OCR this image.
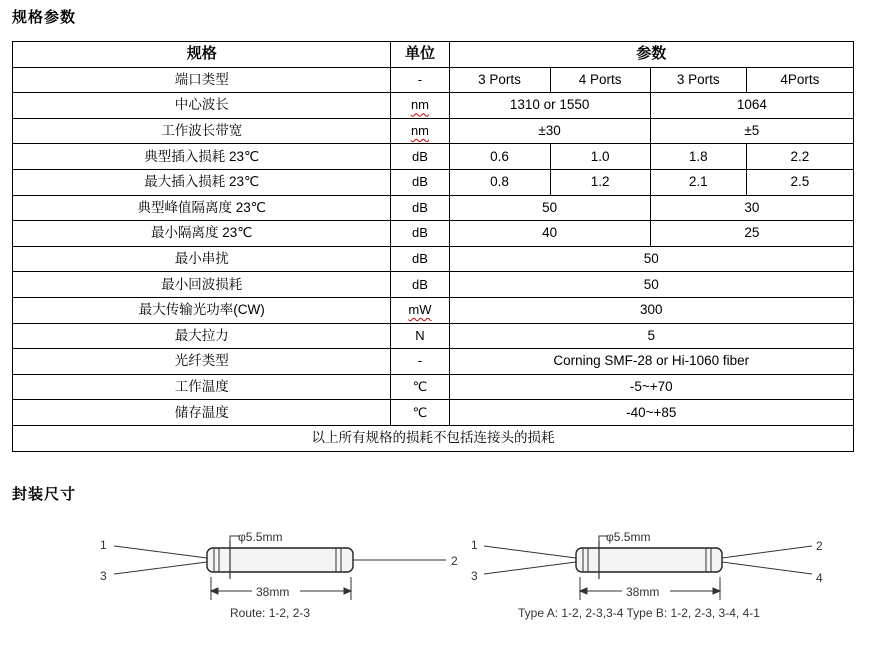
规格参数
规格	单位	参数			
端口类型	-	3 Ports	4 Ports	3 Ports	4Ports
中心波长	nm	1310 or 1550		1064	
工作波长带宽	nm	±30		±5	
典型插入损耗 23℃	dB	0.6	1.0	1.8	2.2
最大插入损耗 23℃	dB	0.8	1.2	2.1	2.5
典型峰值隔离度 23℃	dB	50		30	
最小隔离度 23℃	dB	40		25	
最小串扰	dB	50			
最小回波损耗	dB	50			
最大传输光功率(CW)	mW	300			
最大拉力	N	5			
光纤类型	-	Corning SMF-28 or Hi-1060 fiber			
工作温度	℃	-5~+70			
储存温度	℃	-40~+85			
以上所有规格的损耗不包括连接头的损耗					
封装尺寸
1
3
2
φ5.5mm
38mm
Route: 1-2, 2-3
1
3
2
4
φ5.5mm
38mm
Type A: 1-2, 2-3,3-4 Type B: 1-2, 2-3, 3-4, 4-1
